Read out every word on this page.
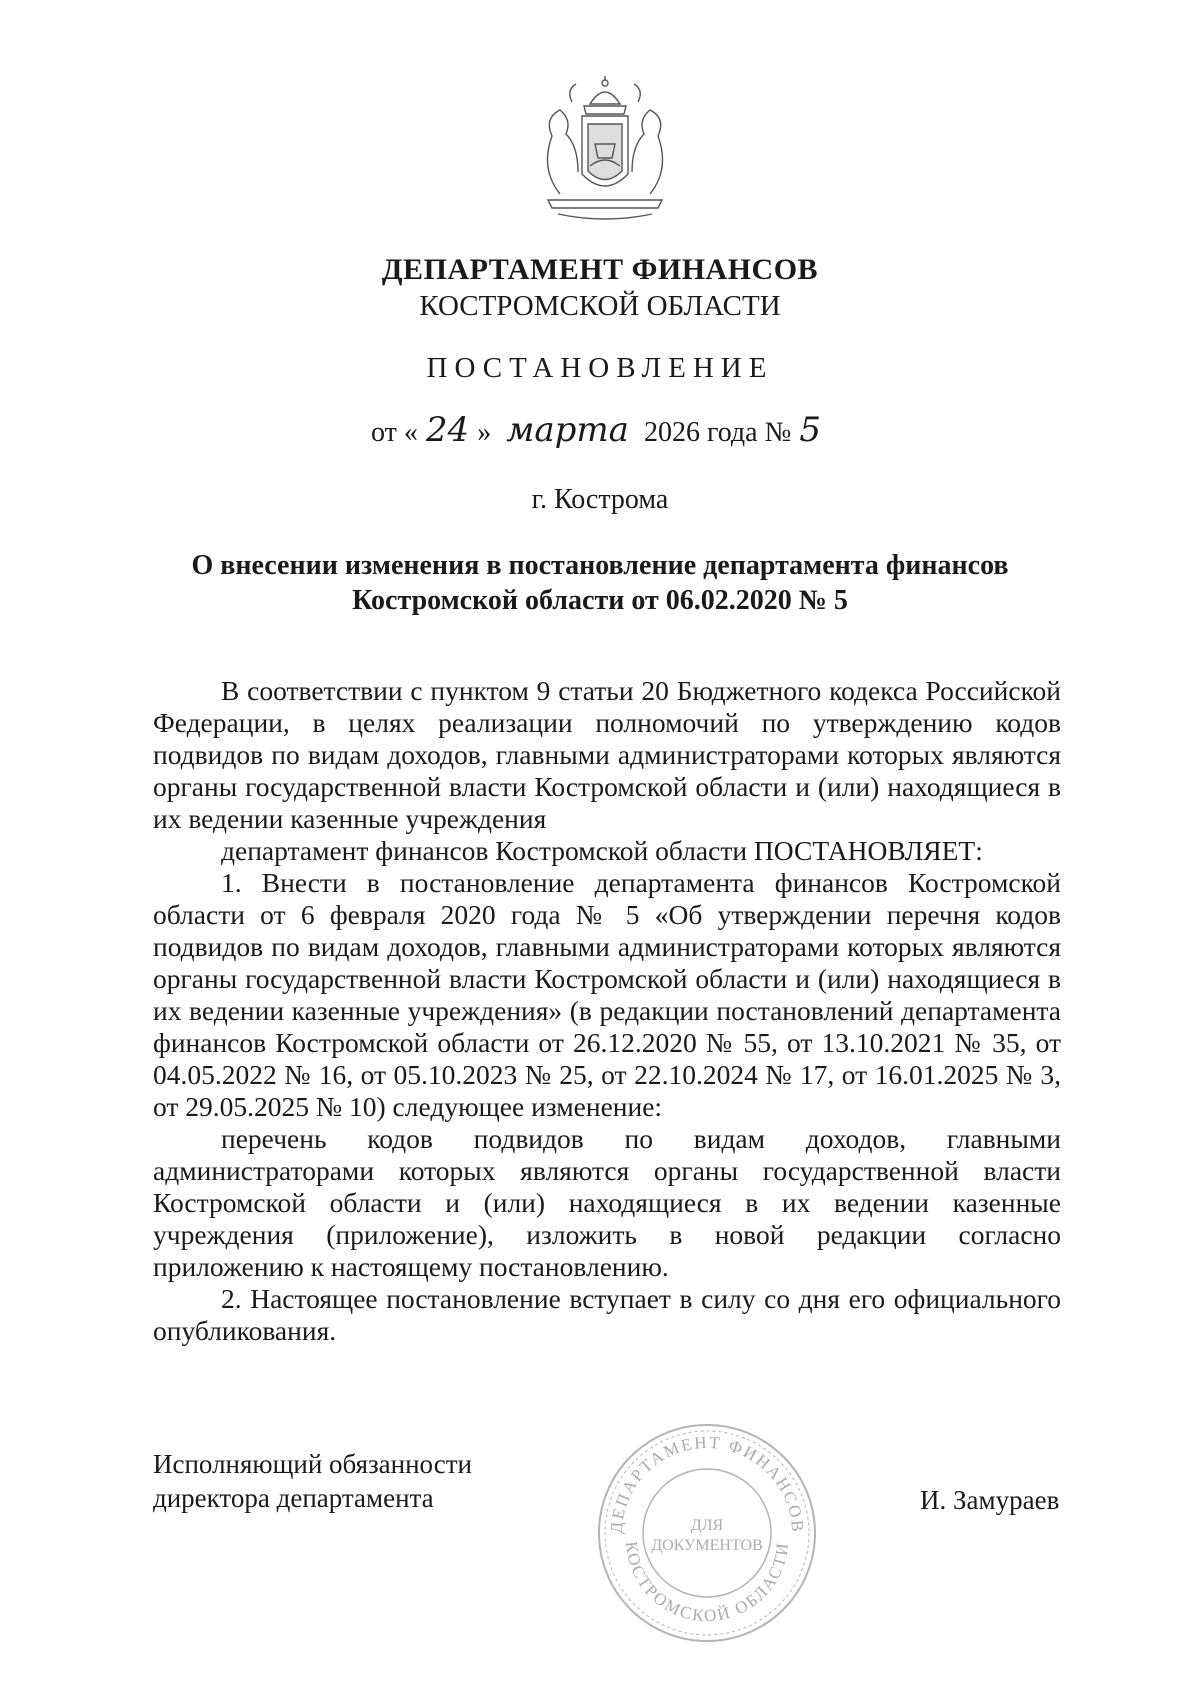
ДЕПАРТАМЕНТ ФИНАНСОВ
КОСТРОМСКОЙ ОБЛАСТИ
ПОСТАНОВЛЕНИЕ
от « 24 » марта 2026 года № 5
г. Кострома
О внесении изменения в постановление департамента финансов
Костромской области от 06.02.2020 № 5

В соответствии с пунктом 9 статьи 20 Бюджетного кодекса Российской Федерации, в целях реализации полномочий по утверждению кодов подвидов по видам доходов, главными администраторами которых являются органы государственной власти Костромской области и (или) находящиеся в их ведении казенные учреждения

департамент финансов Костромской области ПОСТАНОВЛЯЕТ:

1. Внести в постановление департамента финансов Костромской области от 6 февраля 2020 года № 5 «Об утверждении перечня кодов подвидов по видам доходов, главными администраторами которых являются органы государственной власти Костромской области и (или) находящиеся в их ведении казенные учреждения» (в редакции постановлений департамента финансов Костромской области от 26.12.2020 № 55, от 13.10.2021 № 35, от 04.05.2022 № 16, от 05.10.2023 № 25, от 22.10.2024 № 17, от 16.01.2025 № 3, от 29.05.2025 № 10) следующее изменение:

перечень кодов подвидов по видам доходов, главными администраторами которых являются органы государственной власти Костромской области и (или) находящиеся в их ведении казенные учреждения (приложение), изложить в новой редакции согласно приложению к настоящему постановлению.

2. Настоящее постановление вступает в силу со дня его официального опубликования.

Исполняющий обязанности
директора департамента
ДЕПАРТАМЕНТ ФИНАНСОВ
КОСТРОМСКОЙ ОБЛАСТИ
ДЛЯ
ДОКУМЕНТОВ
И. Замураев
